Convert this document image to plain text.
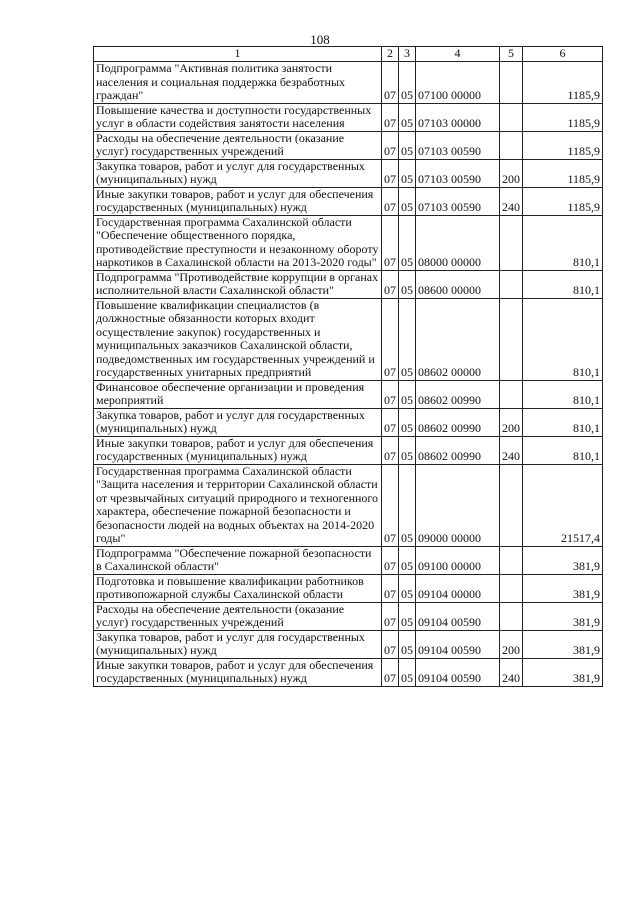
108
1	2	3	4	5	6
Подпрограмма "Активная политика занятости населения и социальная поддержка безработных граждан"	07	05	07100 00000		1185,9
Повышение качества и доступности государственных услуг в области содействия занятости населения	07	05	07103 00000		1185,9
Расходы на обеспечение деятельности (оказание услуг) государственных учреждений	07	05	07103 00590		1185,9
Закупка товаров, работ и услуг для государственных (муниципальных) нужд	07	05	07103 00590	200	1185,9
Иные закупки товаров, работ и услуг для обеспечения государственных (муниципальных) нужд	07	05	07103 00590	240	1185,9
Государственная программа Сахалинской области "Обеспечение общественного порядка, противодействие преступности и незаконному обороту наркотиков в Сахалинской области на 2013-2020 годы"	07	05	08000 00000		810,1
Подпрограмма "Противодействие коррупции в органах исполнительной власти Сахалинской области"	07	05	08600 00000		810,1
Повышение квалификации специалистов (в должностные обязанности которых входит осуществление закупок) государственных и муниципальных заказчиков Сахалинской области, подведомственных им государственных учреждений и государственных унитарных предприятий	07	05	08602 00000		810,1
Финансовое обеспечение организации и проведения мероприятий	07	05	08602 00990		810,1
Закупка товаров, работ и услуг для государственных (муниципальных) нужд	07	05	08602 00990	200	810,1
Иные закупки товаров, работ и услуг для обеспечения государственных (муниципальных) нужд	07	05	08602 00990	240	810,1
Государственная программа Сахалинской области "Защита населения и территории Сахалинской области от чрезвычайных ситуаций природного и техногенного характера, обеспечение пожарной безопасности и безопасности людей на водных объектах на 2014-2020 годы"	07	05	09000 00000		21517,4
Подпрограмма "Обеспечение пожарной безопасности в Сахалинской области"	07	05	09100 00000		381,9
Подготовка и повышение квалификации работников противопожарной службы Сахалинской области	07	05	09104 00000		381,9
Расходы на обеспечение деятельности (оказание услуг) государственных учреждений	07	05	09104 00590		381,9
Закупка товаров, работ и услуг для государственных (муниципальных) нужд	07	05	09104 00590	200	381,9
Иные закупки товаров, работ и услуг для обеспечения государственных (муниципальных) нужд	07	05	09104 00590	240	381,9
